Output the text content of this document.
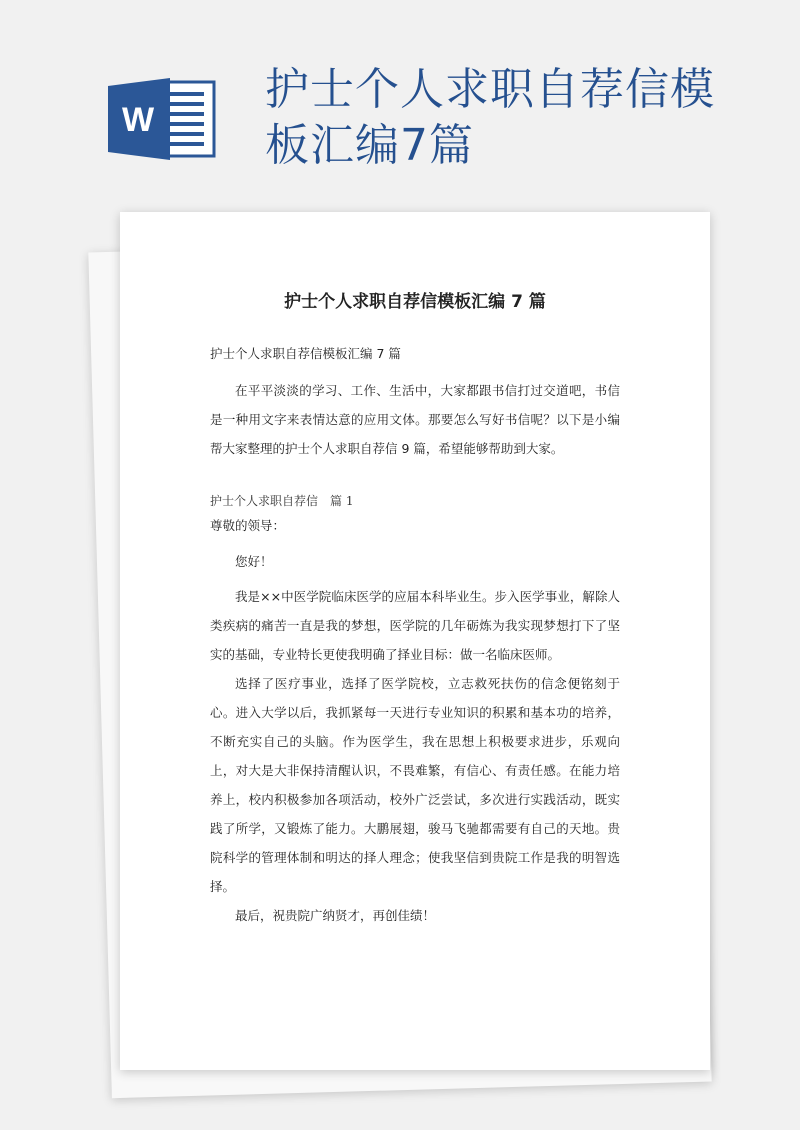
W
护士个人求职自荐信模板汇编7篇
护士个人求职自荐信模板汇编 7 篇

护士个人求职自荐信模板汇编 7 篇

在平平淡淡的学习、工作、生活中，大家都跟书信打过交道吧，书信是一种用文字来表情达意的应用文体。那要怎么写好书信呢？以下是小编帮大家整理的护士个人求职自荐信 9 篇，希望能够帮助到大家。

护士个人求职自荐信 篇 1

尊敬的领导：

您好！

我是××中医学院临床医学的应届本科毕业生。步入医学事业，解除人类疾病的痛苦一直是我的梦想，医学院的几年砺炼为我实现梦想打下了坚实的基础，专业特长更使我明确了择业目标：做一名临床医师。

选择了医疗事业，选择了医学院校，立志救死扶伤的信念便铭刻于心。进入大学以后，我抓紧每一天进行专业知识的积累和基本功的培养，不断充实自己的头脑。作为医学生，我在思想上积极要求进步，乐观向上，对大是大非保持清醒认识，不畏难繁，有信心、有责任感。在能力培养上，校内积极参加各项活动，校外广泛尝试，多次进行实践活动，既实践了所学，又锻炼了能力。大鹏展翅，骏马飞驰都需要有自己的天地。贵院科学的管理体制和明达的择人理念；使我坚信到贵院工作是我的明智选择。

最后，祝贵院广纳贤才，再创佳绩！
